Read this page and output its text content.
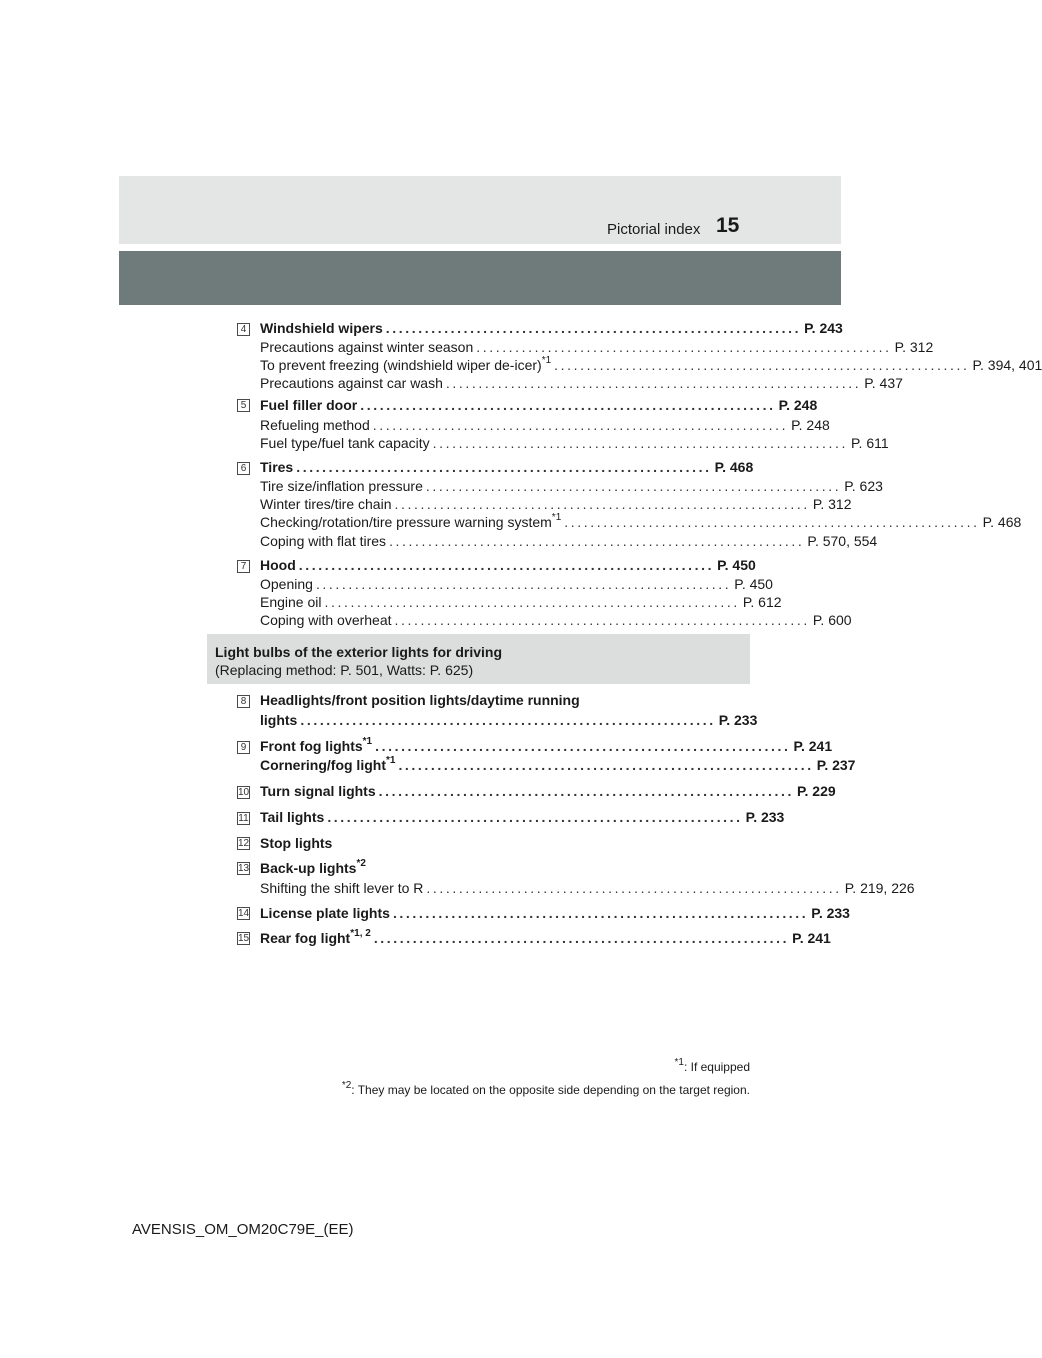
Pictorial index 15
4 Windshield wipers ................................................................ P. 243
Precautions against winter season ................................................................ P. 312
To prevent freezing (windshield wiper de-icer)$^{*1}$ ................................................................ P. 394, 401
Precautions against car wash ................................................................ P. 437
5 Fuel filler door ................................................................ P. 248
Refueling method ................................................................ P. 248
Fuel type/fuel tank capacity ................................................................ P. 611
6 Tires ................................................................ P. 468
Tire size/inflation pressure ................................................................ P. 623
Winter tires/tire chain ................................................................ P. 312
Checking/rotation/tire pressure warning system$^{*1}$ ................................................................ P. 468
Coping with flat tires ................................................................ P. 570, 554
7 Hood ................................................................ P. 450
Opening ................................................................ P. 450
Engine oil ................................................................ P. 612
Coping with overheat ................................................................ P. 600
Light bulbs of the exterior lights for driving
(Replacing method: P. 501, Watts: P. 625)
8 Headlights/front position lights/daytime running
lights ................................................................ P. 233
9 Front fog lights$^{*1}$ ................................................................ P. 241
Cornering/fog light$^{*1}$ ................................................................ P. 237
10 Turn signal lights ................................................................ P. 229
11 Tail lights ................................................................ P. 233
12 Stop lights
13 Back-up lights$^{*2}$
Shifting the shift lever to R ................................................................ P. 219, 226
14 License plate lights ................................................................ P. 233
15 Rear fog light$^{*1, 2}$ ................................................................ P. 241
$^{*1}$: If equipped
$^{*2}$: They may be located on the opposite side depending on the target region.
AVENSIS_OM_OM20C79E_(EE)
